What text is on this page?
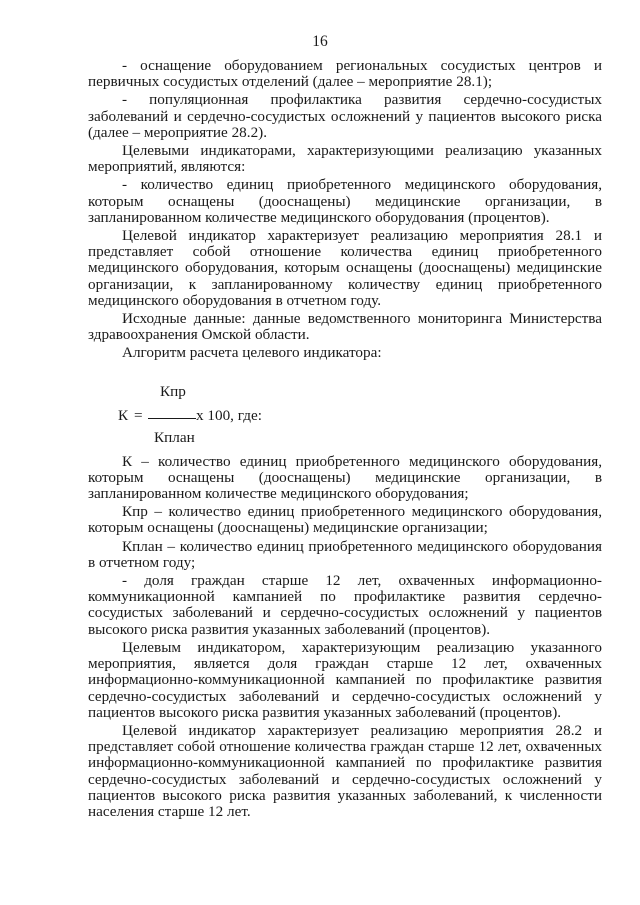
16

- оснащение оборудованием региональных сосудистых центров и первичных сосудистых отделений (далее – мероприятие 28.1);

- популяционная профилактика развития сердечно-сосудистых заболеваний и сердечно-сосудистых осложнений у пациентов высокого риска (далее – мероприятие 28.2).

Целевыми индикаторами, характеризующими реализацию указанных мероприятий, являются:

- количество единиц приобретенного медицинского оборудования, которым оснащены (дооснащены) медицинские организации, в запланированном количестве медицинского оборудования (процентов).

Целевой индикатор характеризует реализацию мероприятия 28.1 и представляет собой отношение количества единиц приобретенного медицинского оборудования, которым оснащены (дооснащены) медицинские организации, к запланированному количеству единиц приобретенного медицинского оборудования в отчетном году.

Исходные данные: данные ведомственного мониторинга Министерства здравоохранения Омской области.

Алгоритм расчета целевого индикатора:

Кпр
К =	х 100, где:
Кплан

К – количество единиц приобретенного медицинского оборудования, которым оснащены (дооснащены) медицинские организации, в запланированном количестве медицинского оборудования;

Кпр – количество единиц приобретенного медицинского оборудования, которым оснащены (дооснащены) медицинские организации;

Кплан – количество единиц приобретенного медицинского оборудования в отчетном году;

- доля граждан старше 12 лет, охваченных информационно-коммуникационной кампанией по профилактике развития сердечно-сосудистых заболеваний и сердечно-сосудистых осложнений у пациентов высокого риска развития указанных заболеваний (процентов).

Целевым индикатором, характеризующим реализацию указанного мероприятия, является доля граждан старше 12 лет, охваченных информационно-коммуникационной кампанией по профилактике развития сердечно-сосудистых заболеваний и сердечно-сосудистых осложнений у пациентов высокого риска развития указанных заболеваний (процентов).

Целевой индикатор характеризует реализацию мероприятия 28.2 и представляет собой отношение количества граждан старше 12 лет, охваченных информационно-коммуникационной кампанией по профилактике развития сердечно-сосудистых заболеваний и сердечно-сосудистых осложнений у пациентов высокого риска развития указанных заболеваний, к численности населения старше 12 лет.
